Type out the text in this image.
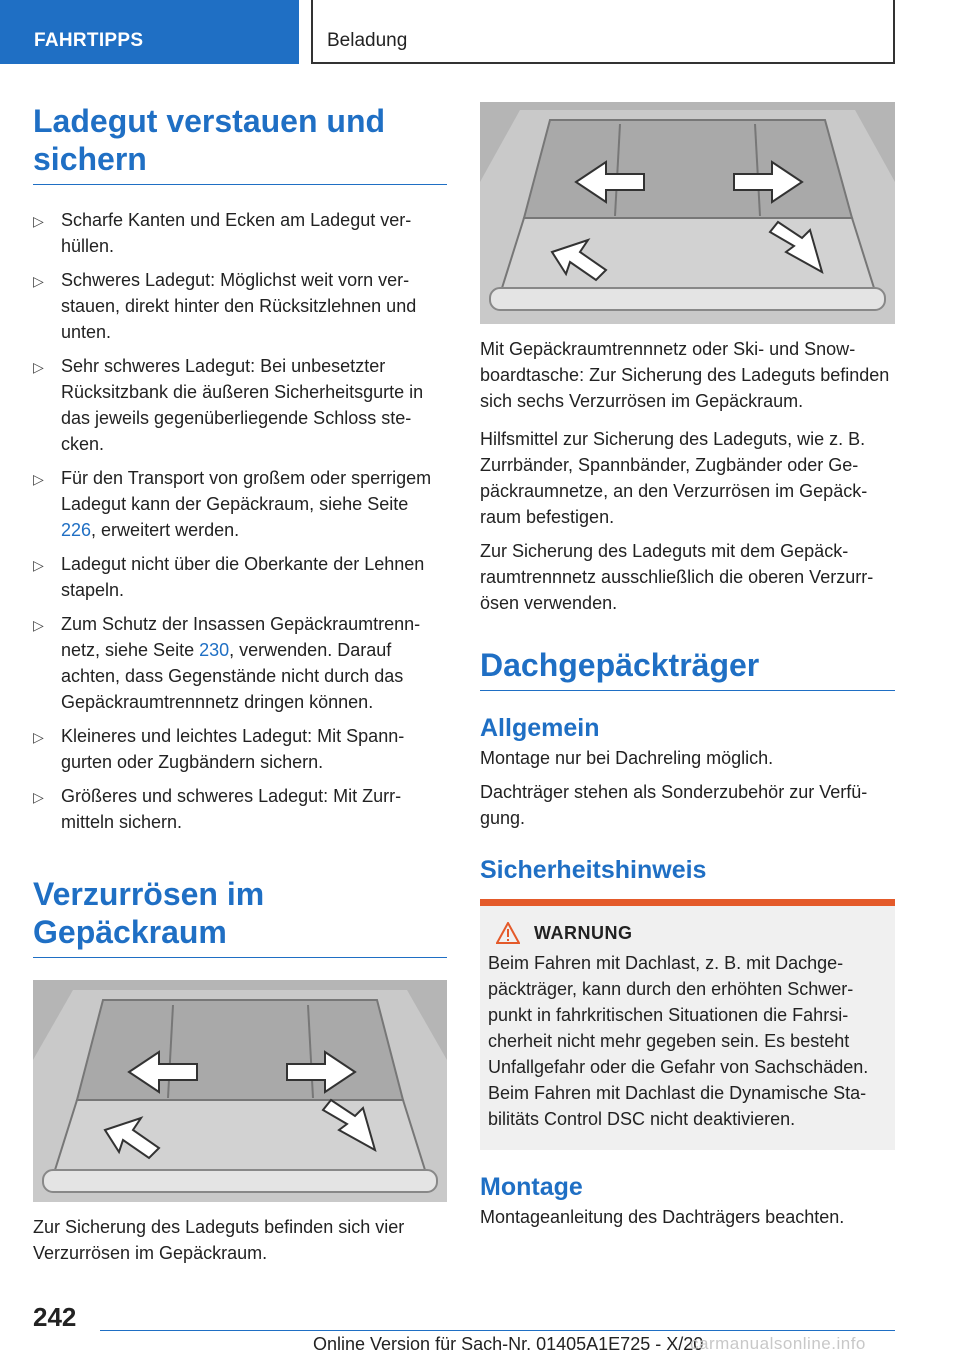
FAHRTIPPS	Beladung
Ladegut verstauen und sichern
▷ Scharfe Kanten und Ecken am Ladegut verhüllen.
▷ Schweres Ladegut: Möglichst weit vorn verstauen, direkt hinter den Rücksitzlehnen und unten.
▷ Sehr schweres Ladegut: Bei unbesetzter Rücksitzbank die äußeren Sicherheitsgurte in das jeweils gegenüberliegende Schloss stecken.
▷ Für den Transport von großem oder sperrigem Ladegut kann der Gepäckraum, siehe Seite 226, erweitert werden.
▷ Ladegut nicht über die Oberkante der Lehnen stapeln.
▷ Zum Schutz der Insassen Gepäckraumtrennnetz, siehe Seite 230, verwenden. Darauf achten, dass Gegenstände nicht durch das Gepäckraumtrennnetz dringen können.
▷ Kleineres und leichtes Ladegut: Mit Spanngurten oder Zugbändern sichern.
▷ Größeres und schweres Ladegut: Mit Zurrmitteln sichern.
Verzurrösen im Gepäckraum

Zur Sicherung des Ladeguts befinden sich vier Verzurrösen im Gepäckraum.

Mit Gepäckraumtrennnetz oder Ski- und Snowboardtasche: Zur Sicherung des Ladeguts befinden sich sechs Verzurrösen im Gepäckraum.

Hilfsmittel zur Sicherung des Ladeguts, wie z. B. Zurrbänder, Spannbänder, Zugbänder oder Gepäckraumnetze, an den Verzurrösen im Gepäckraum befestigen.

Zur Sicherung des Ladeguts mit dem Gepäckraumtrennnetz ausschließlich die oberen Verzurrösen verwenden.

Dachgepäckträger
Allgemein

Montage nur bei Dachreling möglich.

Dachträger stehen als Sonderzubehör zur Verfügung.

Sicherheitshinweis
WARNUNG

Beim Fahren mit Dachlast, z. B. mit Dachgepäckträger, kann durch den erhöhten Schwerpunkt in fahrkritischen Situationen die Fahrsicherheit nicht mehr gegeben sein. Es besteht Unfallgefahr oder die Gefahr von Sachschäden. Beim Fahren mit Dachlast die Dynamische Stabilitäts Control DSC nicht deaktivieren.

Montage

Montageanleitung des Dachträgers beachten.

242
Online Version für Sach-Nr. 01405A1E725 - X/20
carmanualsonline.info
